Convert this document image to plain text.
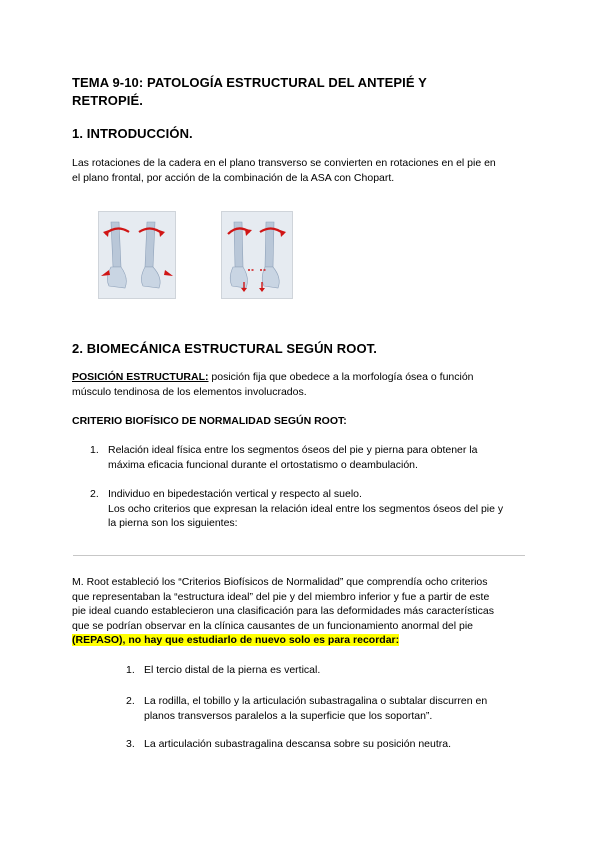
TEMA 9-10: PATOLOGÍA ESTRUCTURAL DEL ANTEPIÉ Y
RETROPIÉ.
1. INTRODUCCIÓN.
Las rotaciones de la cadera en el plano transverso se convierten en rotaciones en el pie en
el plano frontal, por acción de la combinación de la ASA con Chopart.
2. BIOMECÁNICA ESTRUCTURAL SEGÚN ROOT.
POSICIÓN ESTRUCTURAL: posición fija que obedece a la morfología ósea o función
músculo tendinosa de los elementos involucrados.
CRITERIO BIOFÍSICO DE NORMALIDAD SEGÚN ROOT:
1. Relación ideal física entre los segmentos óseos del pie y pierna para obtener la
máxima eficacia funcional durante el ortostatismo o deambulación.
2. Individuo en bipedestación vertical y respecto al suelo.
Los ocho criterios que expresan la relación ideal entre los segmentos óseos del pie y
la pierna son los siguientes:
M. Root estableció los “Criterios Biofísicos de Normalidad” que comprendía ocho criterios
que representaban la “estructura ideal” del pie y del miembro inferior y fue a partir de este
pie ideal cuando establecieron una clasificación para las deformidades más características
que se podrían observar en la clínica causantes de un funcionamiento anormal del pie
(REPASO), no hay que estudiarlo de nuevo solo es para recordar:
1. El tercio distal de la pierna es vertical.
2. La rodilla, el tobillo y la articulación subastragalina o subtalar discurren en
planos transversos paralelos a la superficie que los soportan”.
3. La articulación subastragalina descansa sobre su posición neutra.
